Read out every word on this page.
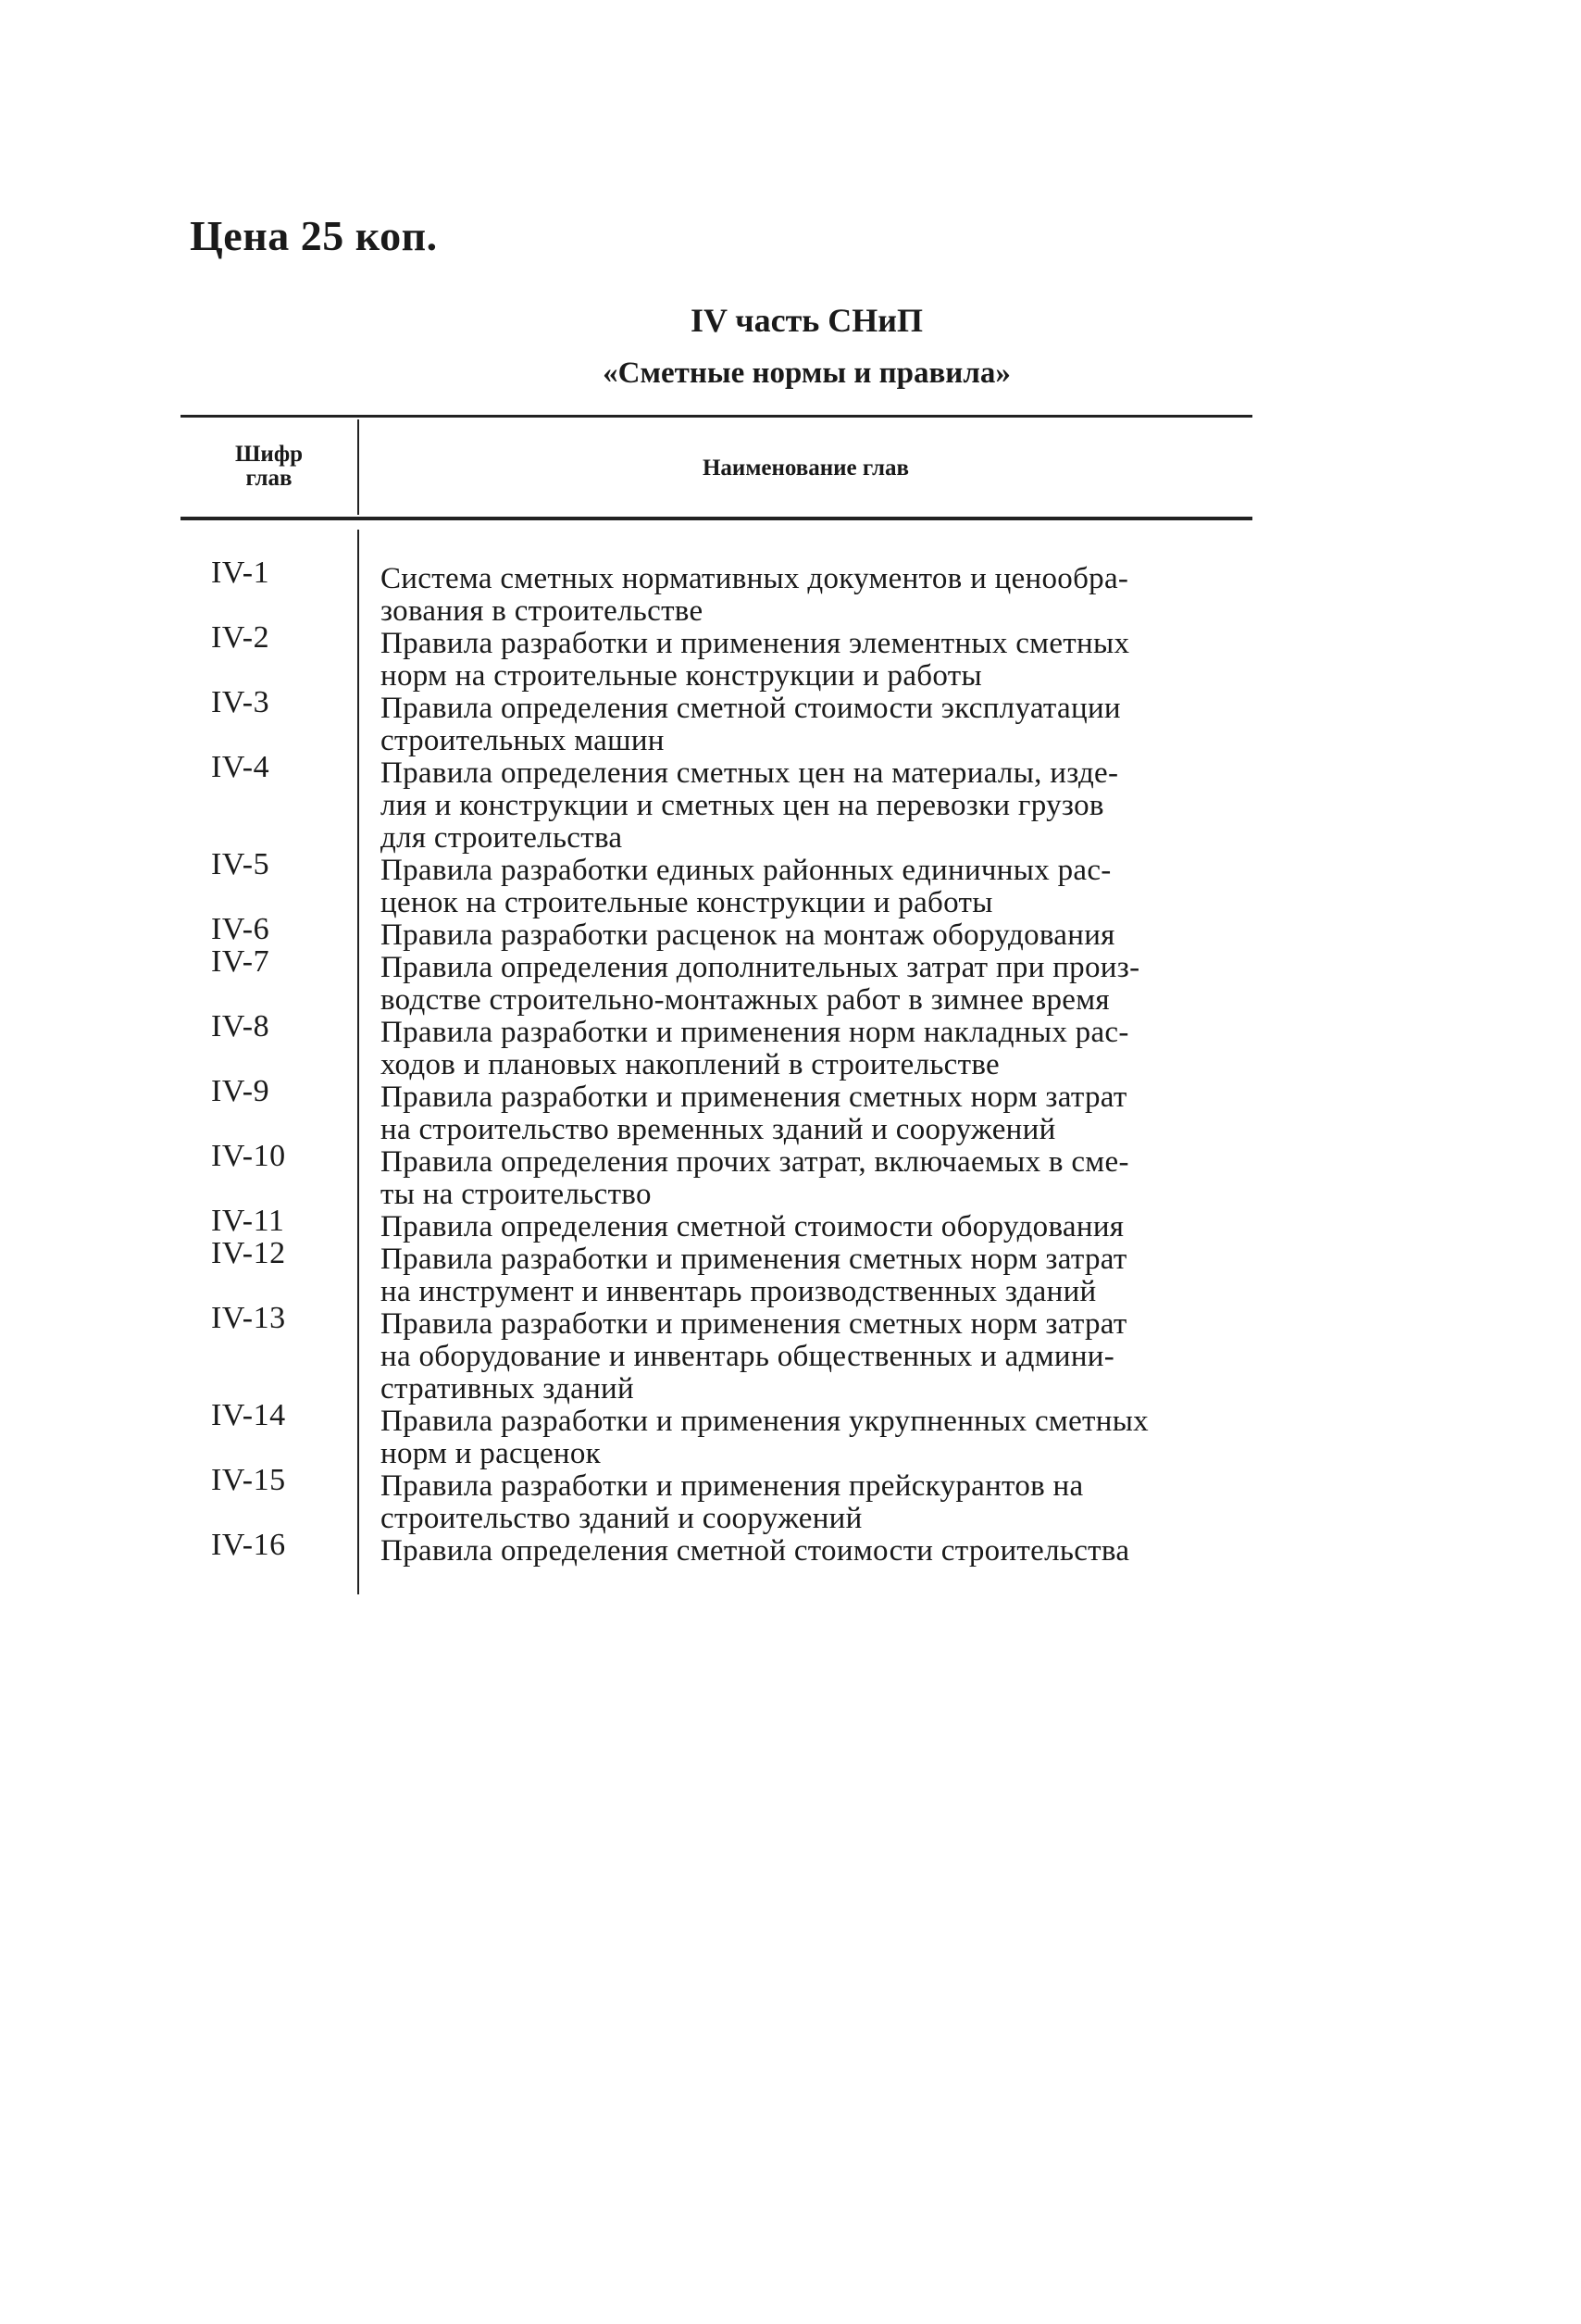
Цена 25 коп.
IV часть СНиП
«Сметные нормы и правила»
Шифр
глав	Наименование глав
IV-1	Система сметных нормативных документов и ценообра-
зования в строительстве
IV-2	Правила разработки и применения элементных сметных
норм на строительные конструкции и работы
IV-3	Правила определения сметной стоимости эксплуатации
строительных машин
IV-4	Правила определения сметных цен на материалы, изде-
лия и конструкции и сметных цен на перевозки грузов
для строительства
IV-5	Правила разработки единых районных единичных рас-
ценок на строительные конструкции и работы
IV-6	Правила разработки расценок на монтаж оборудования
IV-7	Правила определения дополнительных затрат при произ-
водстве строительно-монтажных работ в зимнее время
IV-8	Правила разработки и применения норм накладных рас-
ходов и плановых накоплений в строительстве
IV-9	Правила разработки и применения сметных норм затрат
на строительство временных зданий и сооружений
IV-10	Правила определения прочих затрат, включаемых в сме-
ты на строительство
IV-11	Правила определения сметной стоимости оборудования
IV-12	Правила разработки и применения сметных норм затрат
на инструмент и инвентарь производственных зданий
IV-13	Правила разработки и применения сметных норм затрат
на оборудование и инвентарь общественных и админи-
стративных зданий
IV-14	Правила разработки и применения укрупненных сметных
норм и расценок
IV-15	Правила разработки и применения прейскурантов на
строительство зданий и сооружений
IV-16	Правила определения сметной стоимости строительства
